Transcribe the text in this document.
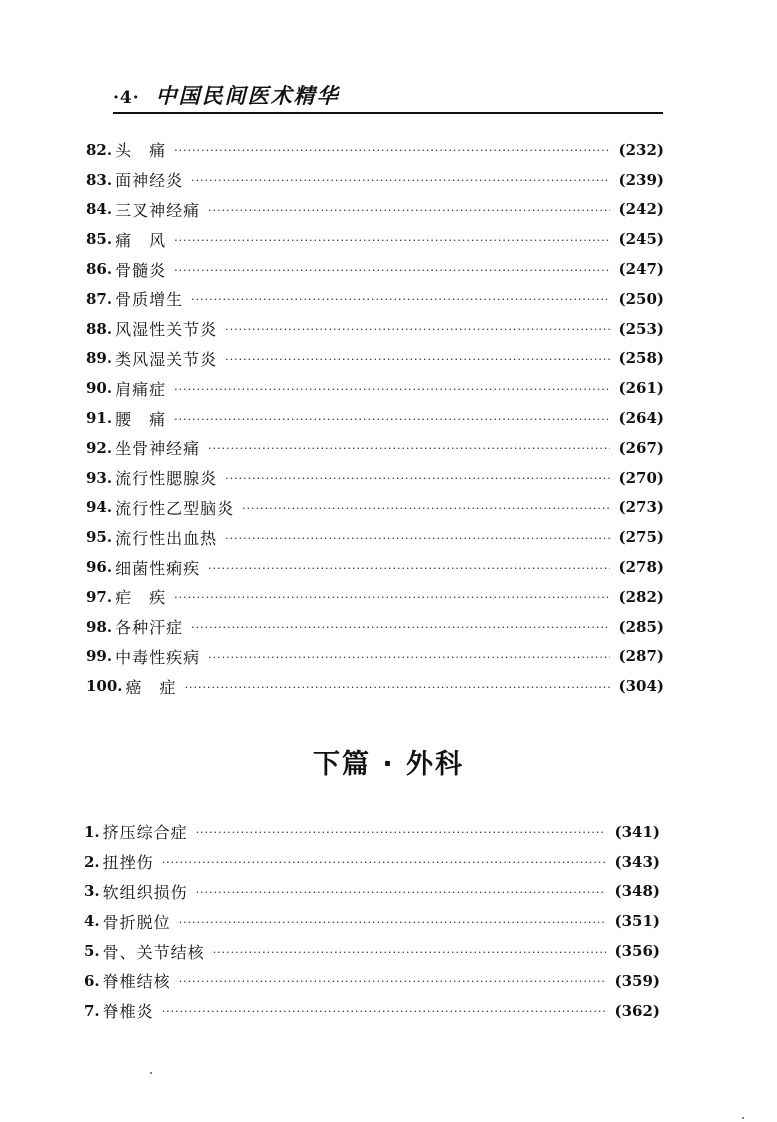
·4· 中国民间医术精华
82. 头　痛 ·····	(232)
83. 面神经炎 ·····	(239)
84. 三叉神经痛 ·····	(242)
85. 痛　风 ·····	(245)
86. 骨髓炎 ·····	(247)
87. 骨质增生 ·····	(250)
88. 风湿性关节炎 ·····	(253)
89. 类风湿关节炎 ·····	(258)
90. 肩痛症 ·····	(261)
91. 腰　痛 ·····	(264)
92. 坐骨神经痛 ·····	(267)
93. 流行性腮腺炎 ·····	(270)
94. 流行性乙型脑炎 ·····	(273)
95. 流行性出血热 ·····	(275)
96. 细菌性痢疾 ·····	(278)
97. 疟　疾 ·····	(282)
98. 各种汗症 ·····	(285)
99. 中毒性疾病 ·····	(287)
100. 癌　症 ·····	(304)
下篇 · 外科
1. 挤压综合症 ·····	(341)
2. 扭挫伤 ·····	(343)
3. 软组织损伤 ·····	(348)
4. 骨折脱位 ·····	(351)
5. 骨、关节结核 ·····	(356)
6. 脊椎结核 ·····	(359)
7. 脊椎炎 ·····	(362)
